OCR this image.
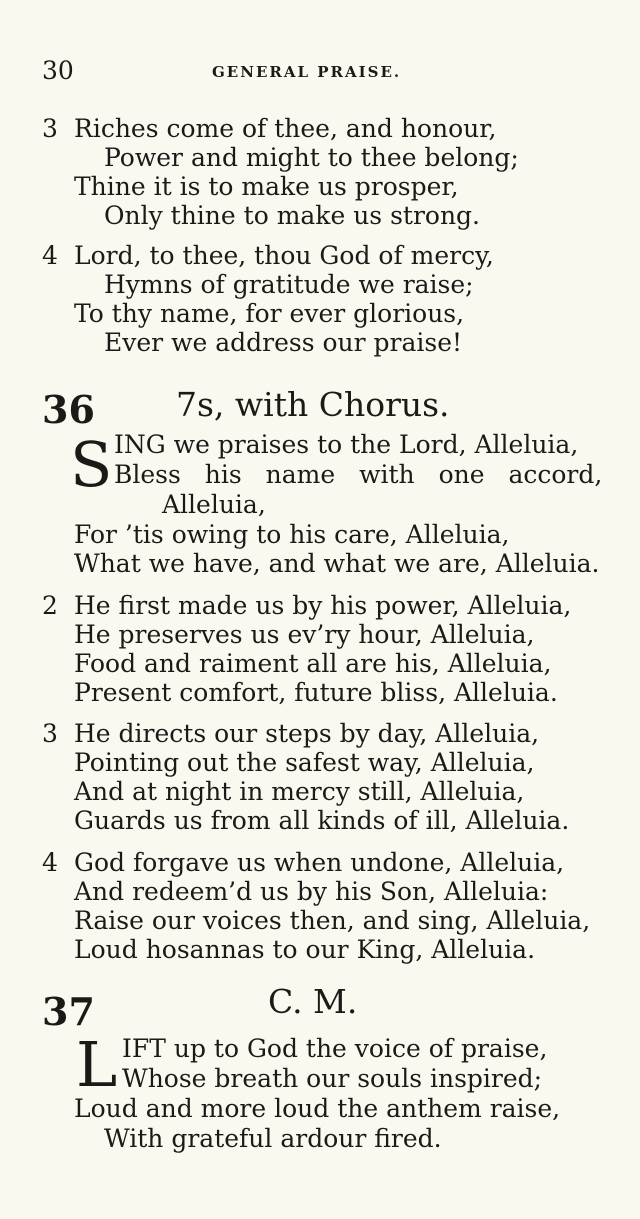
30	GENERAL PRAISE.
3 Riches come of thee, and honour,
Power and might to thee belong;
Thine it is to make us prosper,
Only thine to make us strong.
4 Lord, to thee, thou God of mercy,
Hymns of gratitude we raise;
To thy name, for ever glorious,
Ever we address our praise!
36 7s, with Chorus.
S ING we praises to the Lord, Alleluia,
Bless his name with one accord,
Alleluia,
For ’tis owing to his care, Alleluia,
What we have, and what we are, Alleluia.
2 He first made us by his power, Alleluia,
He preserves us ev’ry hour, Alleluia,
Food and raiment all are his, Alleluia,
Present comfort, future bliss, Alleluia.
3 He directs our steps by day, Alleluia,
Pointing out the safest way, Alleluia,
And at night in mercy still, Alleluia,
Guards us from all kinds of ill, Alleluia.
4 God forgave us when undone, Alleluia,
And redeem’d us by his Son, Alleluia:
Raise our voices then, and sing, Alleluia,
Loud hosannas to our King, Alleluia.
37	C. M.
L IFT up to God the voice of praise,
Whose breath our souls inspired;
Loud and more loud the anthem raise,
With grateful ardour fired.
